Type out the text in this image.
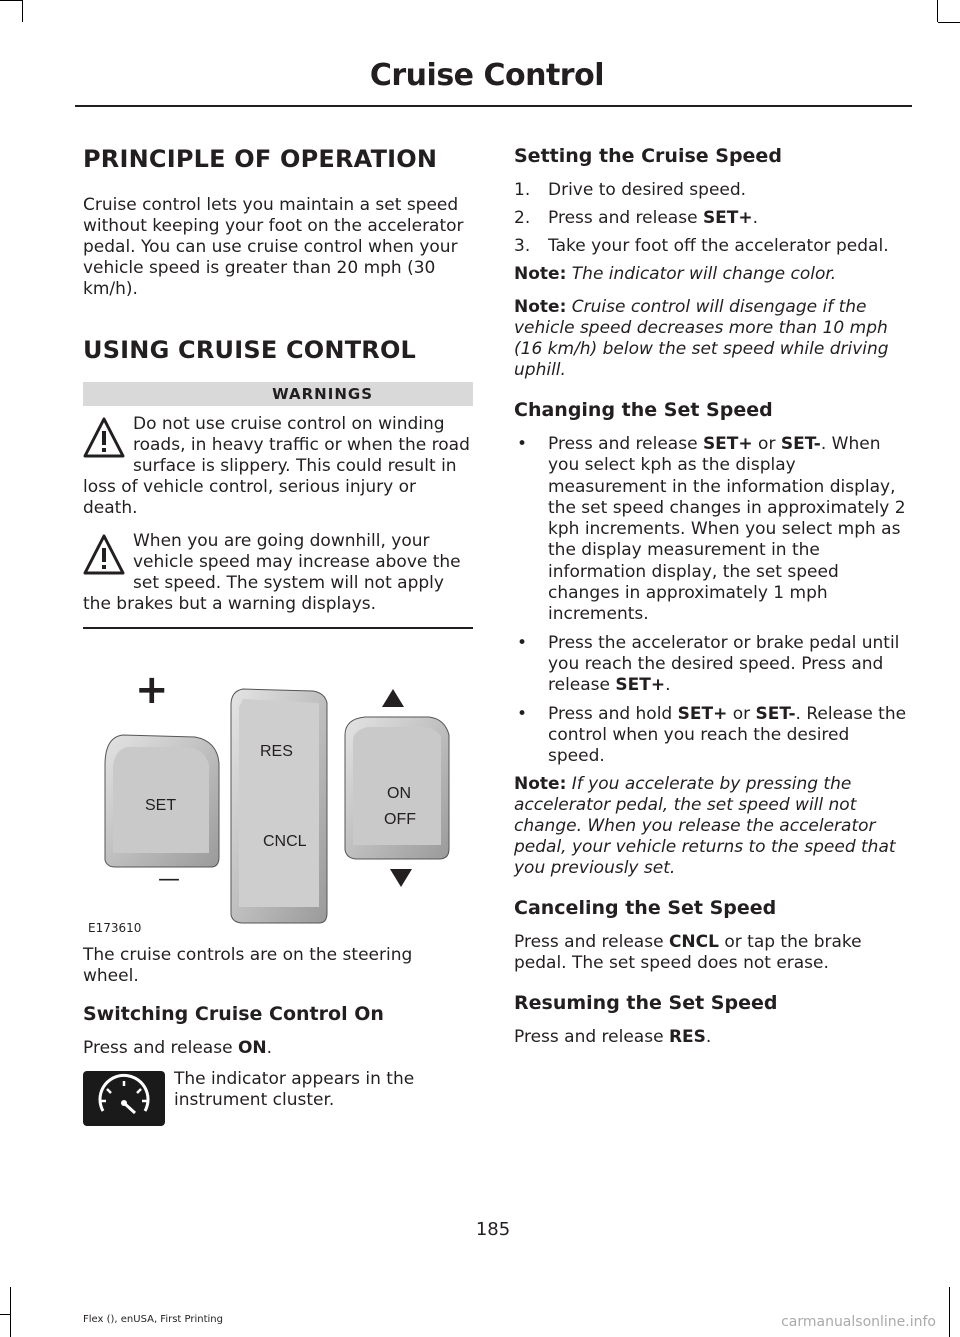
Cruise Control
PRINCIPLE OF OPERATION

Cruise control lets you maintain a set speed without keeping your foot on the accelerator pedal. You can use cruise control when your vehicle speed is greater than 20 mph (30 km/h).

USING CRUISE CONTROL
WARNINGS
Do not use cruise control on winding roads, in heavy traffic or when the road surface is slippery. This could result in loss of vehicle control, serious injury or death.
When you are going downhill, your vehicle speed may increase above the set speed. The system will not apply the brakes but a warning displays.
+
—
SET
RES
CNCL
ON
OFF
E173610

The cruise controls are on the steering wheel.

Switching Cruise Control On

Press and release ON.

The indicator appears in the instrument cluster.

Setting the Cruise Speed
1. Drive to desired speed.
2. Press and release SET+.
3. Take your foot off the accelerator pedal.

Note: The indicator will change color.

Note: Cruise control will disengage if the vehicle speed decreases more than 10 mph (16 km/h) below the set speed while driving uphill.

Changing the Set Speed
• Press and release SET+ or SET-. When you select kph as the display measurement in the information display, the set speed changes in approximately 2 kph increments. When you select mph as the display measurement in the information display, the set speed changes in approximately 1 mph increments.
• Press the accelerator or brake pedal until you reach the desired speed. Press and release SET+.
• Press and hold SET+ or SET-. Release the control when you reach the desired speed.

Note: If you accelerate by pressing the accelerator pedal, the set speed will not change. When you release the accelerator pedal, your vehicle returns to the speed that you previously set.

Canceling the Set Speed

Press and release CNCL or tap the brake pedal. The set speed does not erase.

Resuming the Set Speed

Press and release RES.

185
Flex (), enUSA, First Printing	carmanualsonline.info
